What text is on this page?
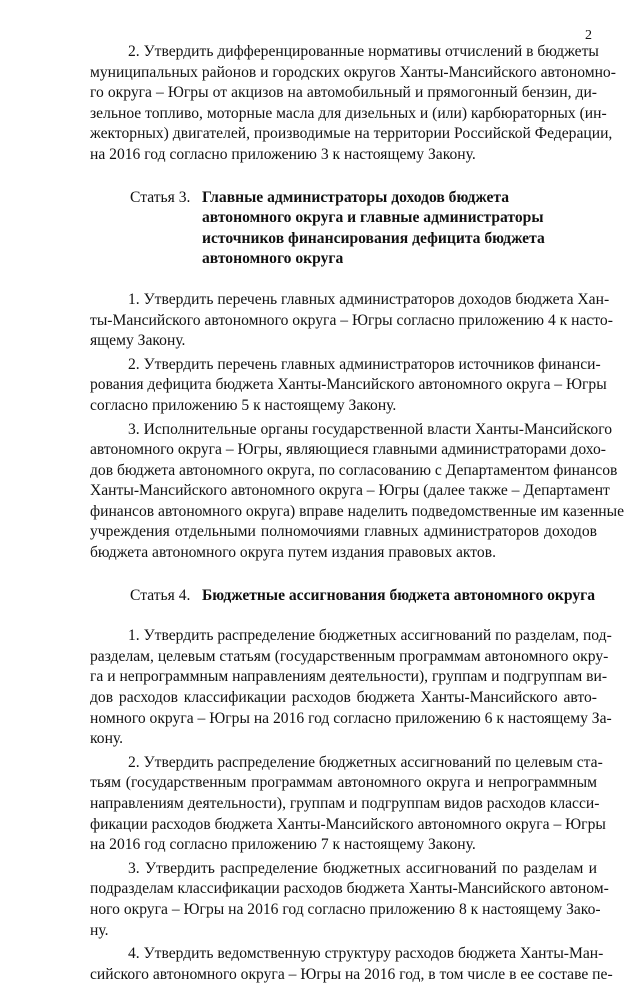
2
2. Утвердить дифференцированные нормативы отчислений в бюджеты
муниципальных районов и городских округов Ханты-Мансийского автономно-
го округа – Югры от акцизов на автомобильный и прямогонный бензин, ди-
зельное топливо, моторные масла для дизельных и (или) карбюраторных (ин-
жекторных) двигателей, производимые на территории Российской Федерации,
на 2016 год согласно приложению 3 к настоящему Закону.
Статья 3. Главные администраторы доходов бюджета
автономного округа и главные администраторы
источников финансирования дефицита бюджета
автономного округа
1. Утвердить перечень главных администраторов доходов бюджета Хан-
ты-Мансийского автономного округа – Югры согласно приложению 4 к насто-
ящему Закону.
2. Утвердить перечень главных администраторов источников финанси-
рования дефицита бюджета Ханты-Мансийского автономного округа – Югры
согласно приложению 5 к настоящему Закону.
3. Исполнительные органы государственной власти Ханты-Мансийского
автономного округа – Югры, являющиеся главными администраторами дохо-
дов бюджета автономного округа, по согласованию с Департаментом финансов
Ханты-Мансийского автономного округа – Югры (далее также – Департамент
финансов автономного округа) вправе наделить подведомственные им казенные
учреждения отдельными полномочиями главных администраторов доходов
бюджета автономного округа путем издания правовых актов.
Статья 4. Бюджетные ассигнования бюджета автономного округа
1. Утвердить распределение бюджетных ассигнований по разделам, под-
разделам, целевым статьям (государственным программам автономного окру-
га и непрограммным направлениям деятельности), группам и подгруппам ви-
дов расходов классификации расходов бюджета Ханты-Мансийского авто-
номного округа – Югры на 2016 год согласно приложению 6 к настоящему За-
кону.
2. Утвердить распределение бюджетных ассигнований по целевым ста-
тьям (государственным программам автономного округа и непрограммным
направлениям деятельности), группам и подгруппам видов расходов класси-
фикации расходов бюджета Ханты-Мансийского автономного округа – Югры
на 2016 год согласно приложению 7 к настоящему Закону.
3. Утвердить распределение бюджетных ассигнований по разделам и
подразделам классификации расходов бюджета Ханты-Мансийского автоном-
ного округа – Югры на 2016 год согласно приложению 8 к настоящему Зако-
ну.
4. Утвердить ведомственную структуру расходов бюджета Ханты-Ман-
сийского автономного округа – Югры на 2016 год, в том числе в ее составе пе-
